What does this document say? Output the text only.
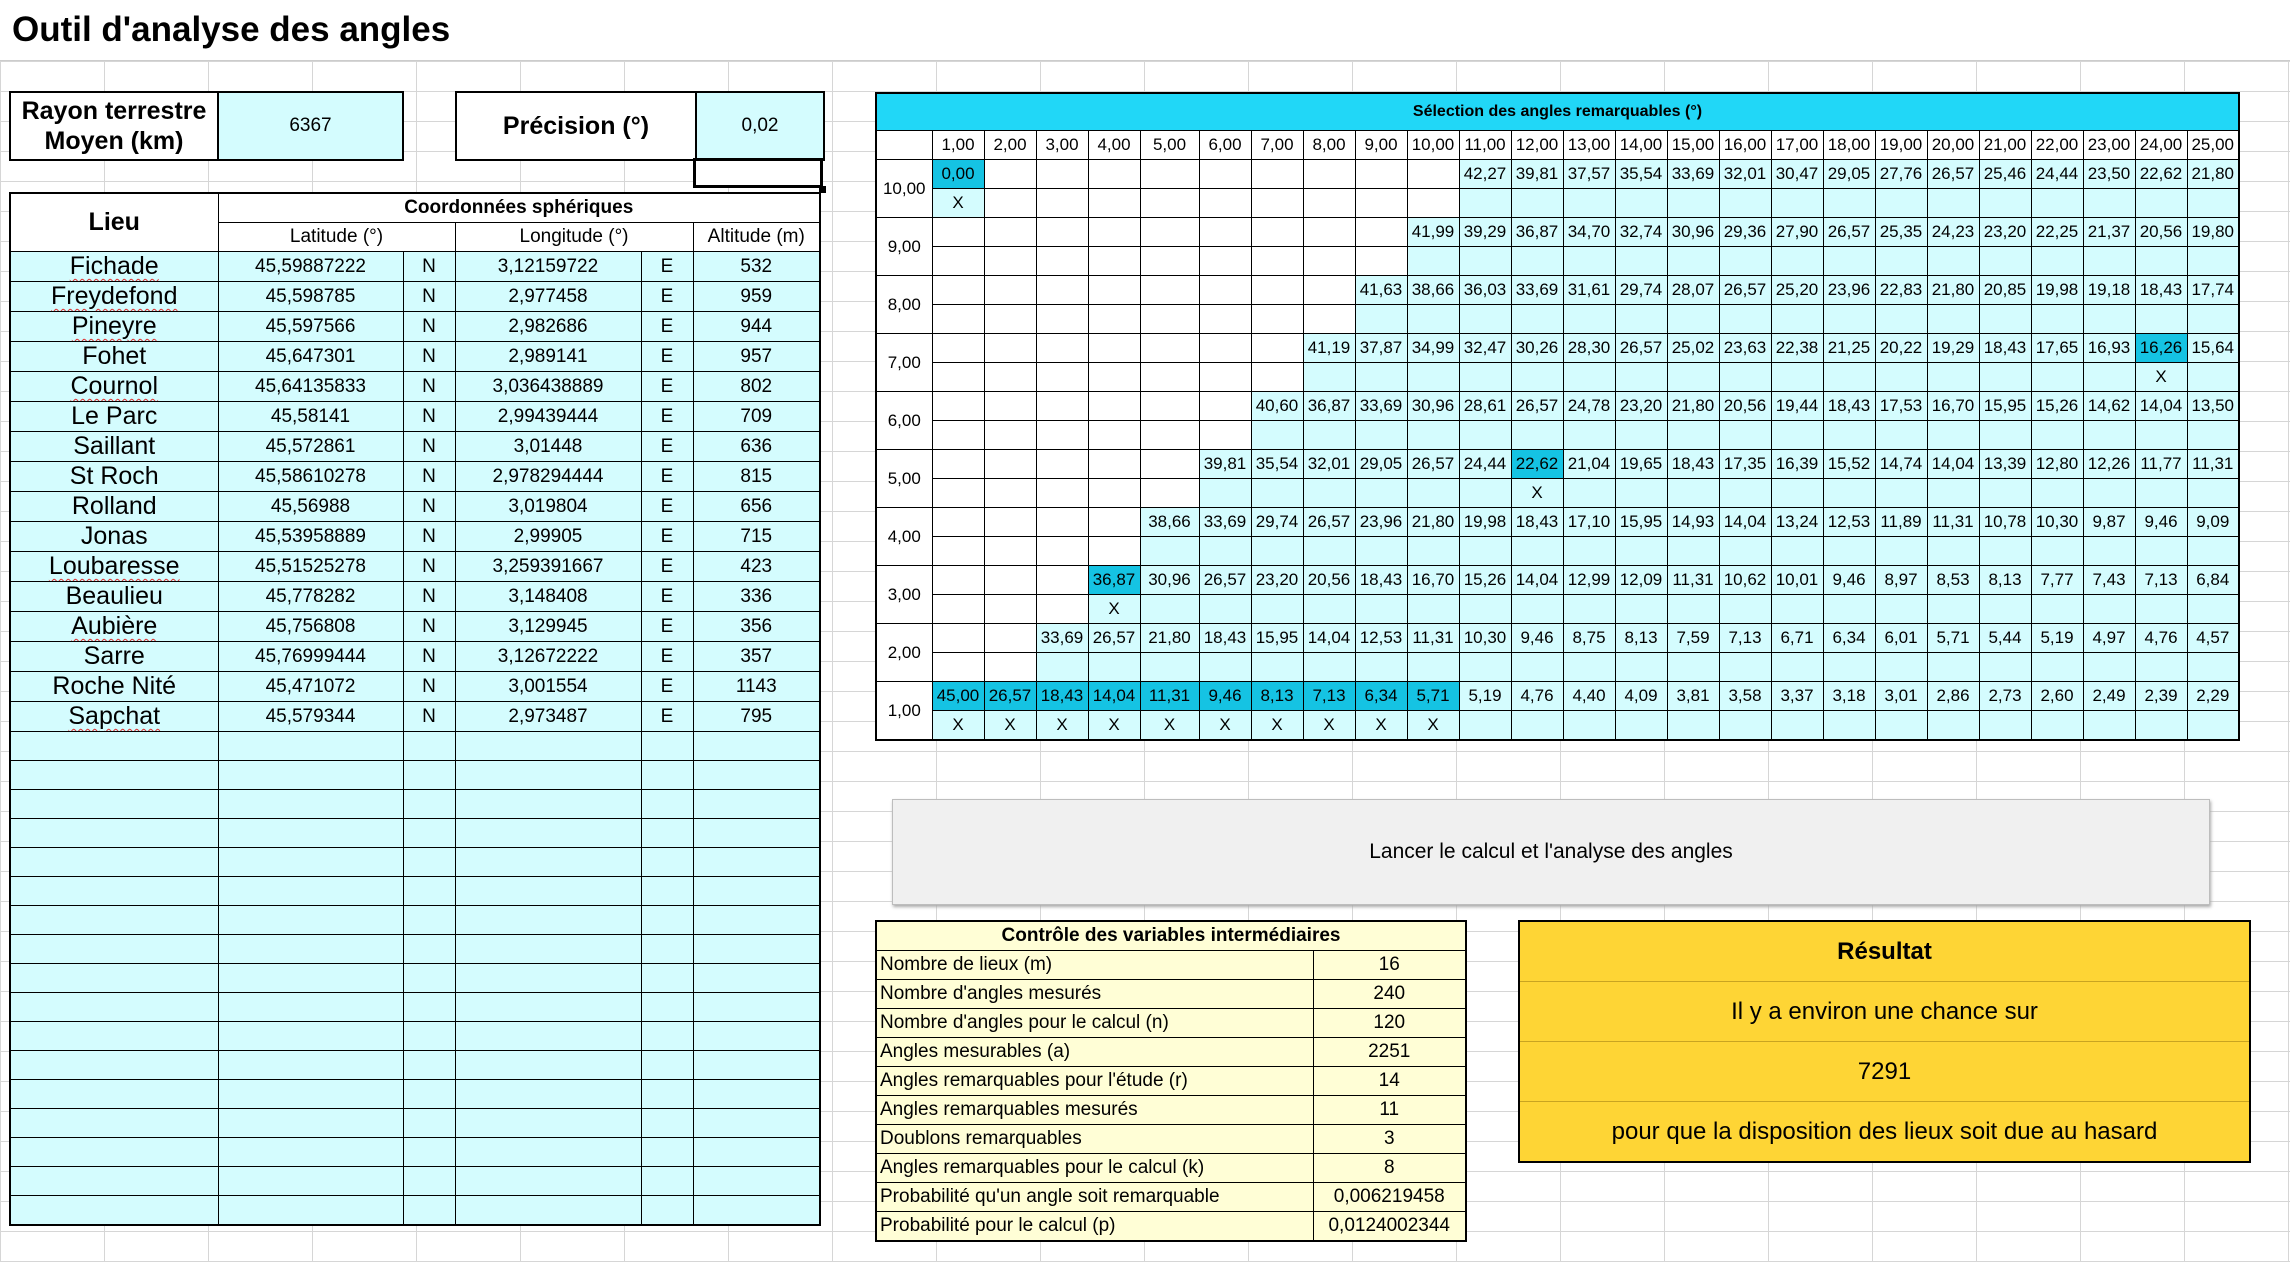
Outil d'analyse des angles
Rayon terrestre Moyen (km)
6367	Précision (°)	0,02
Lieu	Coordonnées sphériques				
	Latitude (°)		Longitude (°)		Altitude (m)
Fichade	45,59887222	N	3,12159722	E	532
Freydefond	45,598785	N	2,977458	E	959
Pineyre	45,597566	N	2,982686	E	944
Fohet	45,647301	N	2,989141	E	957
Cournol	45,64135833	N	3,036438889	E	802
Le Parc	45,58141	N	2,99439444	E	709
Saillant	45,572861	N	3,01448	E	636
St Roch	45,58610278	N	2,978294444	E	815
Rolland	45,56988	N	3,019804	E	656
Jonas	45,53958889	N	2,99905	E	715
Loubaresse	45,51525278	N	3,259391667	E	423
Beaulieu	45,778282	N	3,148408	E	336
Aubière	45,756808	N	3,129945	E	356
Sarre	45,76999444	N	3,12672222	E	357
Roche Nité	45,471072	N	3,001554	E	1143
Sapchat	45,579344	N	2,973487	E	795

Sélection des angles remarquables (°)																									
	1,00	2,00	3,00	4,00	5,00	6,00	7,00	8,00	9,00	10,00	11,00	12,00	13,00	14,00	15,00	16,00	17,00	18,00	19,00	20,00	21,00	22,00	23,00	24,00	25,00
10,00	0,00										42,27	39,81	37,57	35,54	33,69	32,01	30,47	29,05	27,76	26,57	25,46	24,44	23,50	22,62	21,80
	X																								
9,00										41,99	39,29	36,87	34,70	32,74	30,96	29,36	27,90	26,57	25,35	24,23	23,20	22,25	21,37	20,56	19,80

8,00									41,63	38,66	36,03	33,69	31,61	29,74	28,07	26,57	25,20	23,96	22,83	21,80	20,85	19,98	19,18	18,43	17,74

7,00								41,19	37,87	34,99	32,47	30,26	28,30	26,57	25,02	23,63	22,38	21,25	20,22	19,29	18,43	17,65	16,93	16,26	15,64
																								X	
6,00							40,60	36,87	33,69	30,96	28,61	26,57	24,78	23,20	21,80	20,56	19,44	18,43	17,53	16,70	15,95	15,26	14,62	14,04	13,50

5,00						39,81	35,54	32,01	29,05	26,57	24,44	22,62	21,04	19,65	18,43	17,35	16,39	15,52	14,74	14,04	13,39	12,80	12,26	11,77	11,31
												X													
4,00					38,66	33,69	29,74	26,57	23,96	21,80	19,98	18,43	17,10	15,95	14,93	14,04	13,24	12,53	11,89	11,31	10,78	10,30	9,87	9,46	9,09

3,00				36,87	30,96	26,57	23,20	20,56	18,43	16,70	15,26	14,04	12,99	12,09	11,31	10,62	10,01	9,46	8,97	8,53	8,13	7,77	7,43	7,13	6,84
				X																					
2,00			33,69	26,57	21,80	18,43	15,95	14,04	12,53	11,31	10,30	9,46	8,75	8,13	7,59	7,13	6,71	6,34	6,01	5,71	5,44	5,19	4,97	4,76	4,57

1,00	45,00	26,57	18,43	14,04	11,31	9,46	8,13	7,13	6,34	5,71	5,19	4,76	4,40	4,09	3,81	3,58	3,37	3,18	3,01	2,86	2,73	2,60	2,49	2,39	2,29
	X	X	X	X	X	X	X	X	X	X															
Lancer le calcul et l'analyse des angles
Contrôle des variables intermédiaires	
Nombre de lieux (m)	16
Nombre d'angles mesurés	240
Nombre d'angles pour le calcul (n)	120
Angles mesurables (a)	2251
Angles remarquables pour l'étude (r)	14
Angles remarquables mesurés	11
Doublons remarquables	3
Angles remarquables pour le calcul (k)	8
Probabilité qu'un angle soit remarquable	0,006219458
Probabilité pour le calcul (p)	0,0124002344
Résultat
Il y a environ une chance sur
7291
pour que la disposition des lieux soit due au hasard
